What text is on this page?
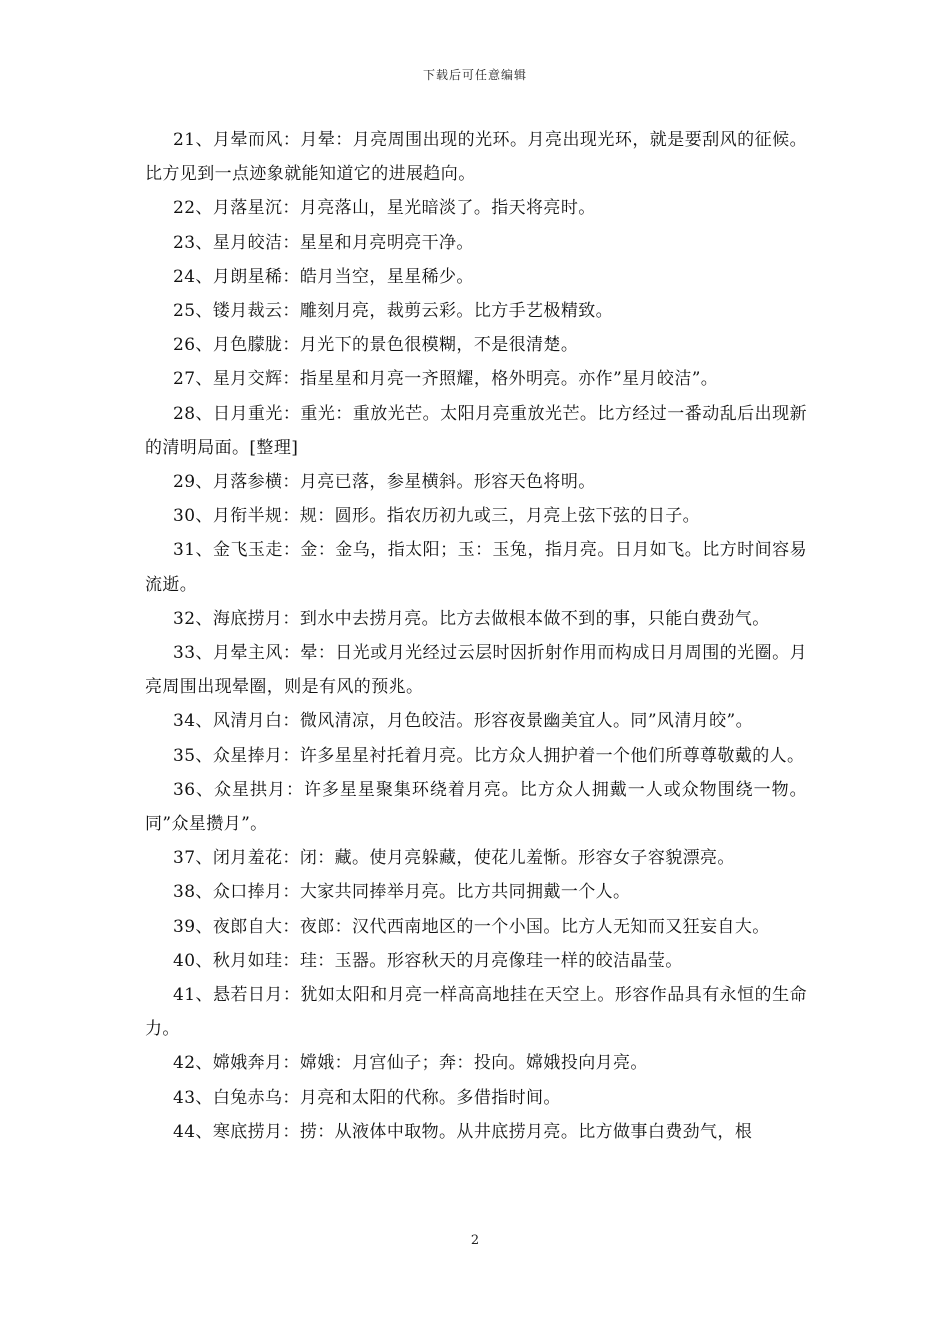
下载后可任意编辑

21、月晕而风：月晕：月亮周围出现的光环。月亮出现光环，就是要刮风的征候。比方见到一点迹象就能知道它的进展趋向。

22、月落星沉：月亮落山，星光暗淡了。指天将亮时。

23、星月皎洁：星星和月亮明亮干净。

24、月朗星稀：皓月当空，星星稀少。

25、镂月裁云：雕刻月亮，裁剪云彩。比方手艺极精致。

26、月色朦胧：月光下的景色很模糊，不是很清楚。

27、星月交辉：指星星和月亮一齐照耀，格外明亮。亦作”星月皎洁”。

28、日月重光：重光：重放光芒。太阳月亮重放光芒。比方经过一番动乱后出现新的清明局面。[整理]

29、月落参横：月亮已落，参星横斜。形容天色将明。

30、月衔半规：规：圆形。指农历初九或三，月亮上弦下弦的日子。

31、金飞玉走：金：金乌，指太阳；玉：玉兔，指月亮。日月如飞。比方时间容易流逝。

32、海底捞月：到水中去捞月亮。比方去做根本做不到的事，只能白费劲气。

33、月晕主风：晕：日光或月光经过云层时因折射作用而构成日月周围的光圈。月亮周围出现晕圈，则是有风的预兆。

34、风清月白：微风清凉，月色皎洁。形容夜景幽美宜人。同”风清月皎”。

35、众星捧月：许多星星衬托着月亮。比方众人拥护着一个他们所尊尊敬戴的人。

36、众星拱月：许多星星聚集环绕着月亮。比方众人拥戴一人或众物围绕一物。同”众星攒月”。

37、闭月羞花：闭：藏。使月亮躲藏，使花儿羞惭。形容女子容貌漂亮。

38、众口捧月：大家共同捧举月亮。比方共同拥戴一个人。

39、夜郎自大：夜郎：汉代西南地区的一个小国。比方人无知而又狂妄自大。

40、秋月如珪：珪：玉器。形容秋天的月亮像珪一样的皎洁晶莹。

41、悬若日月：犹如太阳和月亮一样高高地挂在天空上。形容作品具有永恒的生命力。

42、嫦娥奔月：嫦娥：月宫仙子；奔：投向。嫦娥投向月亮。

43、白兔赤乌：月亮和太阳的代称。多借指时间。

44、寒底捞月：捞：从液体中取物。从井底捞月亮。比方做事白费劲气，根

2
